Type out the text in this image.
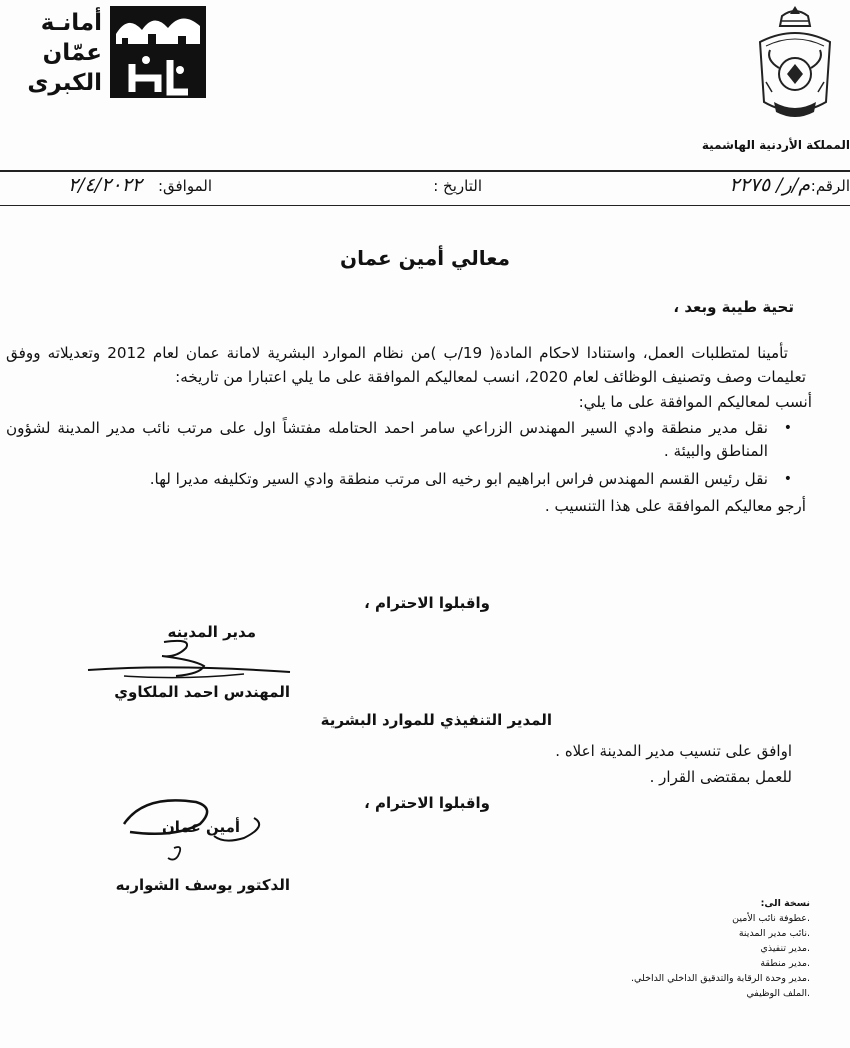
أمانـة
عمّان
الكبرى
المملكة الأردنية الهاشمية
الرقم:
م/ر/ ٢٢٧٥
التاريخ :
الموافق:
٢/٤/٢٠٢٢
معالي أمين عمان
تحية طيبة وبعد ،

تأمينا لمتطلبات العمل، واستنادا لاحكام المادة( 19/ب )من نظام الموارد البشرية لامانة عمان لعام 2012 وتعديلاته ووفق تعليمات وصف وتصنيف الوظائف لعام 2020، انسب لمعاليكم الموافقة على ما يلي اعتبارا من تاريخه:

أنسب لمعاليكم الموافقة على ما يلي:

• نقل مدير منطقة وادي السير المهندس الزراعي سامر احمد الحتامله مفتشاً اول على مرتب نائب مدير المدينة لشؤون المناطق والبيئة .
• نقل رئيس القسم المهندس فراس ابراهيم ابو رخيه الى مرتب منطقة وادي السير وتكليفه مديرا لها.

أرجو معاليكم الموافقة على هذا التنسيب .

واقبلوا الاحترام ،
مدير المدينه
المهندس احمد الملكاوي
المدير التنفيذي للموارد البشرية
اوافق على تنسيب مدير المدينة اعلاه .
للعمل بمقتضى القرار .
واقبلوا الاحترام ،
أمين عمان
الدكتور يوسف الشواربه
نسخة الى:
.عطوفة نائب الأمين
.نائب مدير المدينة
.مدير تنفيذي
.مدير منطقة
.مدير وحدة الرقابة والتدقيق الداخلي الداخلي.
.الملف الوظيفي
